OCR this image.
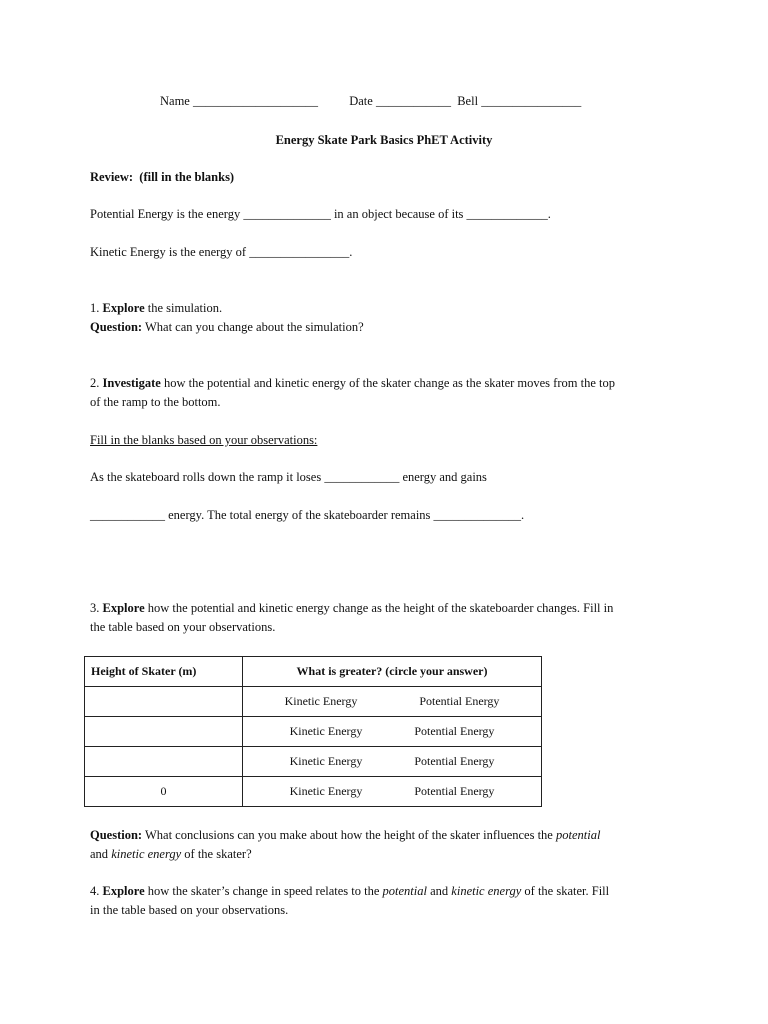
Name ____________________	Date ____________ Bell ________________
Energy Skate Park Basics PhET Activity
Review:  (fill in the blanks)
Potential Energy is the energy ______________ in an object because of its _____________.
Kinetic Energy is the energy of ________________.
1. Explore the simulation.
Question: What can you change about the simulation?
2. Investigate how the potential and kinetic energy of the skater change as the skater moves from the top
of the ramp to the bottom.
Fill in the blanks based on your observations:
As the skateboard rolls down the ramp it loses ____________ energy and gains
____________ energy. The total energy of the skateboarder remains ______________.
3. Explore how the potential and kinetic energy change as the height of the skateboarder changes. Fill in
the table based on your observations.
Height of Skater (m)	What is greater? (circle your answer)

	Kinetic Energy Potential Energy

	Kinetic Energy Potential Energy

	Kinetic Energy Potential Energy

0	Kinetic Energy Potential Energy
Question: What conclusions can you make about how the height of the skater influences the potential
and kinetic energy of the skater?
4. Explore how the skater’s change in speed relates to the potential and kinetic energy of the skater. Fill
in the table based on your observations.
